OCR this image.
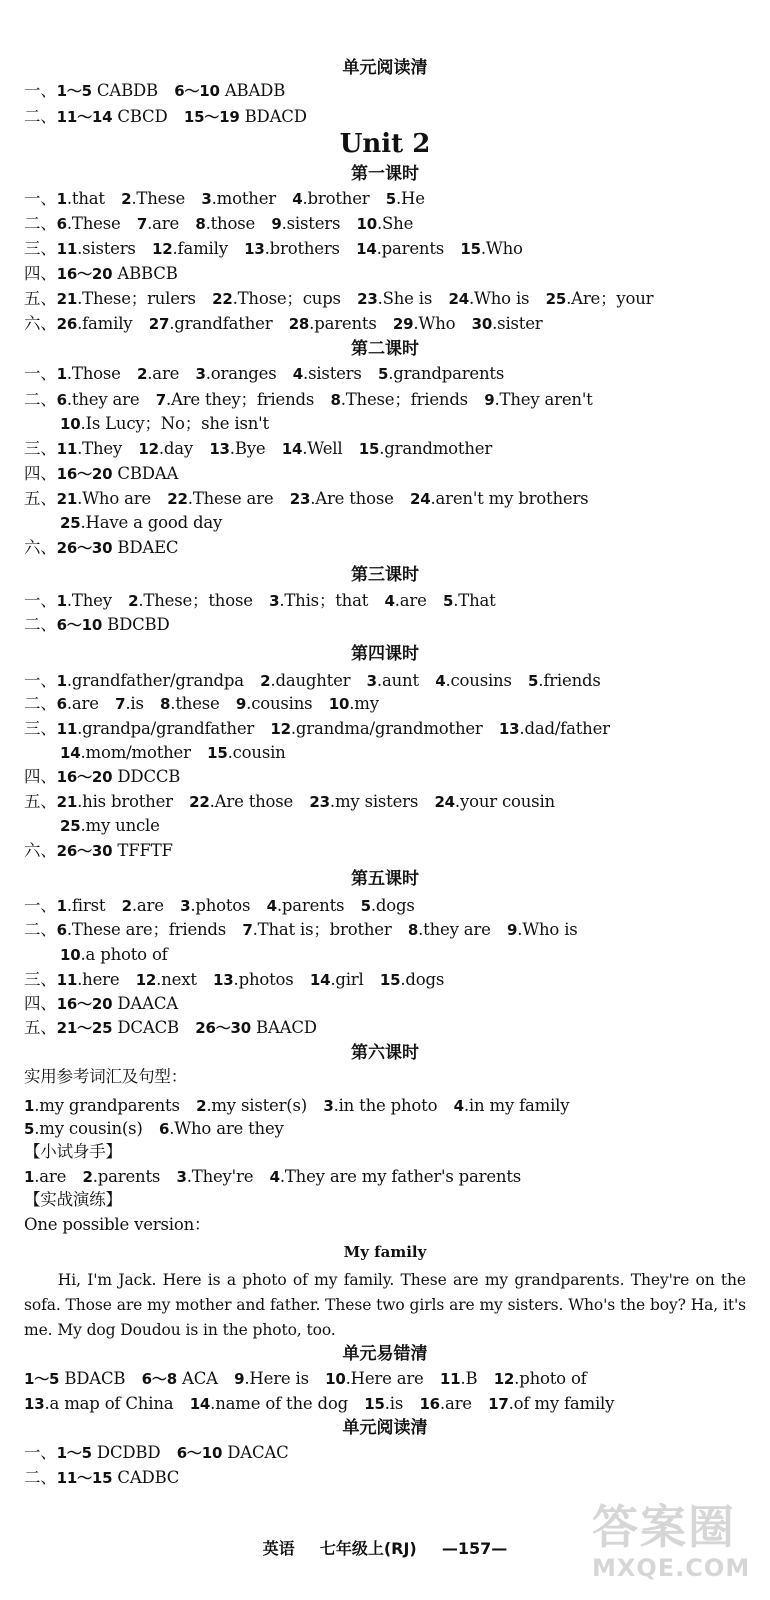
单元阅读清
一、1～5 CABDB　6～10 ABADB
二、11～14 CBCD　15～19 BDACD
Unit 2
第一课时
一、1.that　2.These　3.mother　4.brother　5.He
二、6.These　7.are　8.those　9.sisters　10.She
三、11.sisters　12.family　13.brothers　14.parents　15.Who
四、16～20 ABBCB
五、21.These；rulers　22.Those；cups　23.She is　24.Who is　25.Are；your
六、26.family　27.grandfather　28.parents　29.Who　30.sister
第二课时
一、1.Those　2.are　3.oranges　4.sisters　5.grandparents
二、6.they are　7.Are they；friends　8.These；friends　9.They aren't
10.Is Lucy；No；she isn't
三、11.They　12.day　13.Bye　14.Well　15.grandmother
四、16～20 CBDAA
五、21.Who are　22.These are　23.Are those　24.aren't my brothers
25.Have a good day
六、26～30 BDAEC
第三课时
一、1.They　2.These；those　3.This；that　4.are　5.That
二、6～10 BDCBD
第四课时
一、1.grandfather/grandpa　2.daughter　3.aunt　4.cousins　5.friends
二、6.are　7.is　8.these　9.cousins　10.my
三、11.grandpa/grandfather　12.grandma/grandmother　13.dad/father
14.mom/mother　15.cousin
四、16～20 DDCCB
五、21.his brother　22.Are those　23.my sisters　24.your cousin
25.my uncle
六、26～30 TFFTF
第五课时
一、1.first　2.are　3.photos　4.parents　5.dogs
二、6.These are；friends　7.That is；brother　8.they are　9.Who is
10.a photo of
三、11.here　12.next　13.photos　14.girl　15.dogs
四、16～20 DAACA
五、21～25 DCACB　26～30 BAACD
第六课时
实用参考词汇及句型：
1.my grandparents　2.my sister(s)　3.in the photo　4.in my family
5.my cousin(s)　6.Who are they
【小试身手】
1.are　2.parents　3.They're　4.They are my father's parents
【实战演练】
One possible version：
My family
　　Hi, I'm Jack. Here is a photo of my family. These are my grandparents. They're on the sofa. Those are my mother and father. These two girls are my sisters. Who's the boy? Ha, it's me. My dog Doudou is in the photo, too.
单元易错清
1～5 BDACB　6～8 ACA　9.Here is　10.Here are　11.B　12.photo of
13.a map of China　14.name of the dog　15.is　16.are　17.of my family
单元阅读清
一、1～5 DCDBD　6～10 DACAC
二、11～15 CADBC
英语 七年级上(RJ) —157—	答案圈
MXQE.COM
